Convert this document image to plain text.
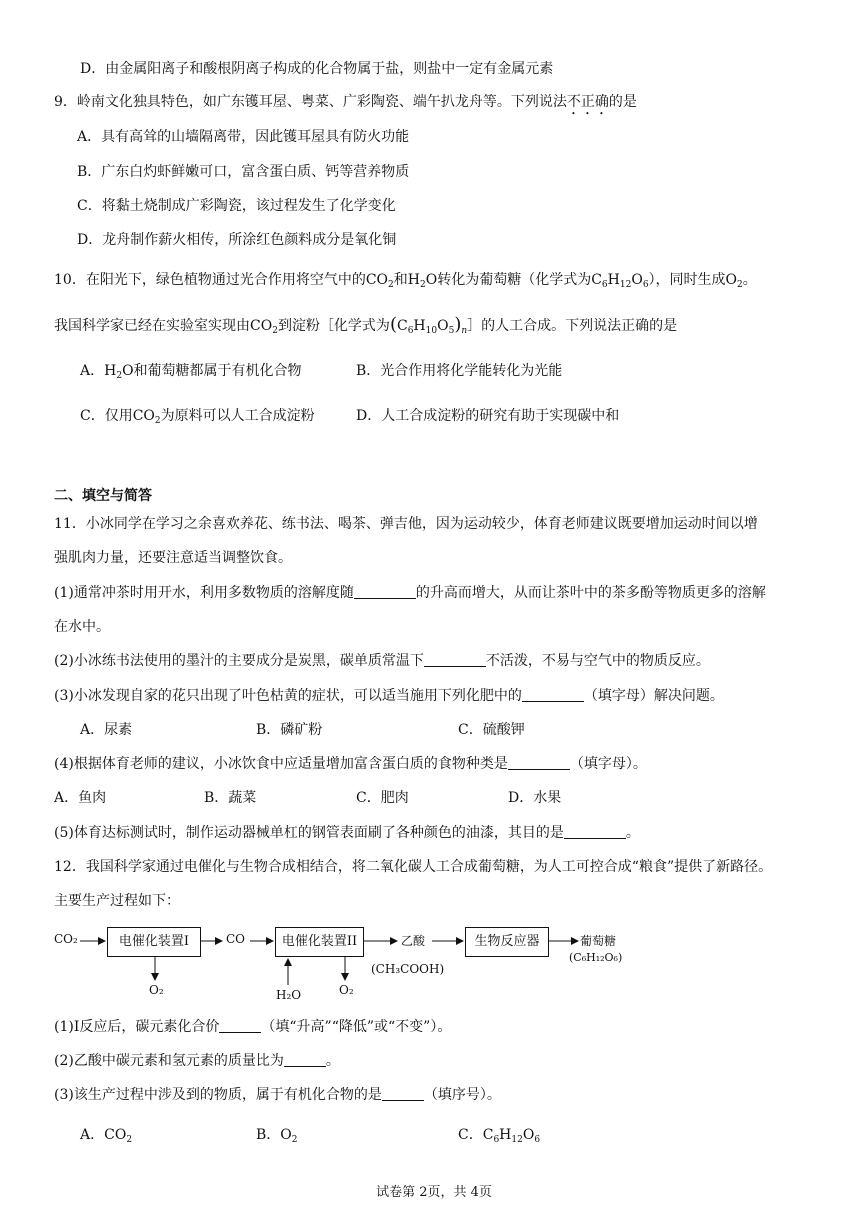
D．由金属阳离子和酸根阴离子构成的化合物属于盐，则盐中一定有金属元素
9．岭南文化独具特色，如广东镬耳屋、粤菜、广彩陶瓷、端午扒龙舟等。下列说法不正确的是
A．具有高耸的山墙隔离带，因此镬耳屋具有防火功能
B．广东白灼虾鲜嫩可口，富含蛋白质、钙等营养物质
C．将黏土烧制成广彩陶瓷，该过程发生了化学变化
D．龙舟制作薪火相传，所涂红色颜料成分是氧化铜
10．在阳光下，绿色植物通过光合作用将空气中的$CO_2$和$H_2O$转化为葡萄糖（化学式为$C_6H_{12}O_6$），同时生成$O_2$。
我国科学家已经在实验室实现由$CO_2$到淀粉［化学式为$(C_6H_{10}O_5)_n]$的人工合成。下列说法正确的是
A．$H_2O$和葡萄糖都属于有机化合物	B．光合作用将化学能转化为光能
C．仅用$CO_2$为原料可以人工合成淀粉	D．人工合成淀粉的研究有助于实现碳中和
二、填空与简答
11．小冰同学在学习之余喜欢养花、练书法、喝茶、弹吉他，因为运动较少，体育老师建议既要增加运动时间以增
强肌肉力量，还要注意适当调整饮食。
(1)通常冲茶时用开水，利用多数物质的溶解度随	的升高而增大，从而让茶叶中的茶多酚等物质更多的溶解
在水中。
(2)小冰练书法使用的墨汁的主要成分是炭黑，碳单质常温下	不活泼，不易与空气中的物质反应。
(3)小冰发现自家的花只出现了叶色枯黄的症状，可以适当施用下列化肥中的	（填字母）解决问题。
A．尿素	B．磷矿粉	C．硫酸钾
(4)根据体育老师的建议，小冰饮食中应适量增加富含蛋白质的食物种类是	（填字母）。
A．鱼肉	B．蔬菜	C．肥肉	D．水果
(5)体育达标测试时，制作运动器械单杠的钢管表面刷了各种颜色的油漆，其目的是	。
12．我国科学家通过电催化与生物合成相结合，将二氧化碳人工合成葡萄糖，为人工可控合成“粮食”提供了新路径。
主要生产过程如下：
CO₂	电催化装置I	CO	电催化装置II	乙酸
(CH₃COOH)
生物反应器	葡萄糖
(C₆H₁₂O₆)
O₂	H₂O	O₂
(1)I反应后，碳元素化合价	（填“升高”“降低”或“不变”）。
(2)乙酸中碳元素和氢元素的质量比为	。
(3)该生产过程中涉及到的物质，属于有机化合物的是	（填序号）。
A．$CO_2$	B．$O_2$	C．$C_6H_{12}O_6$
试卷第 2页，共 4页
